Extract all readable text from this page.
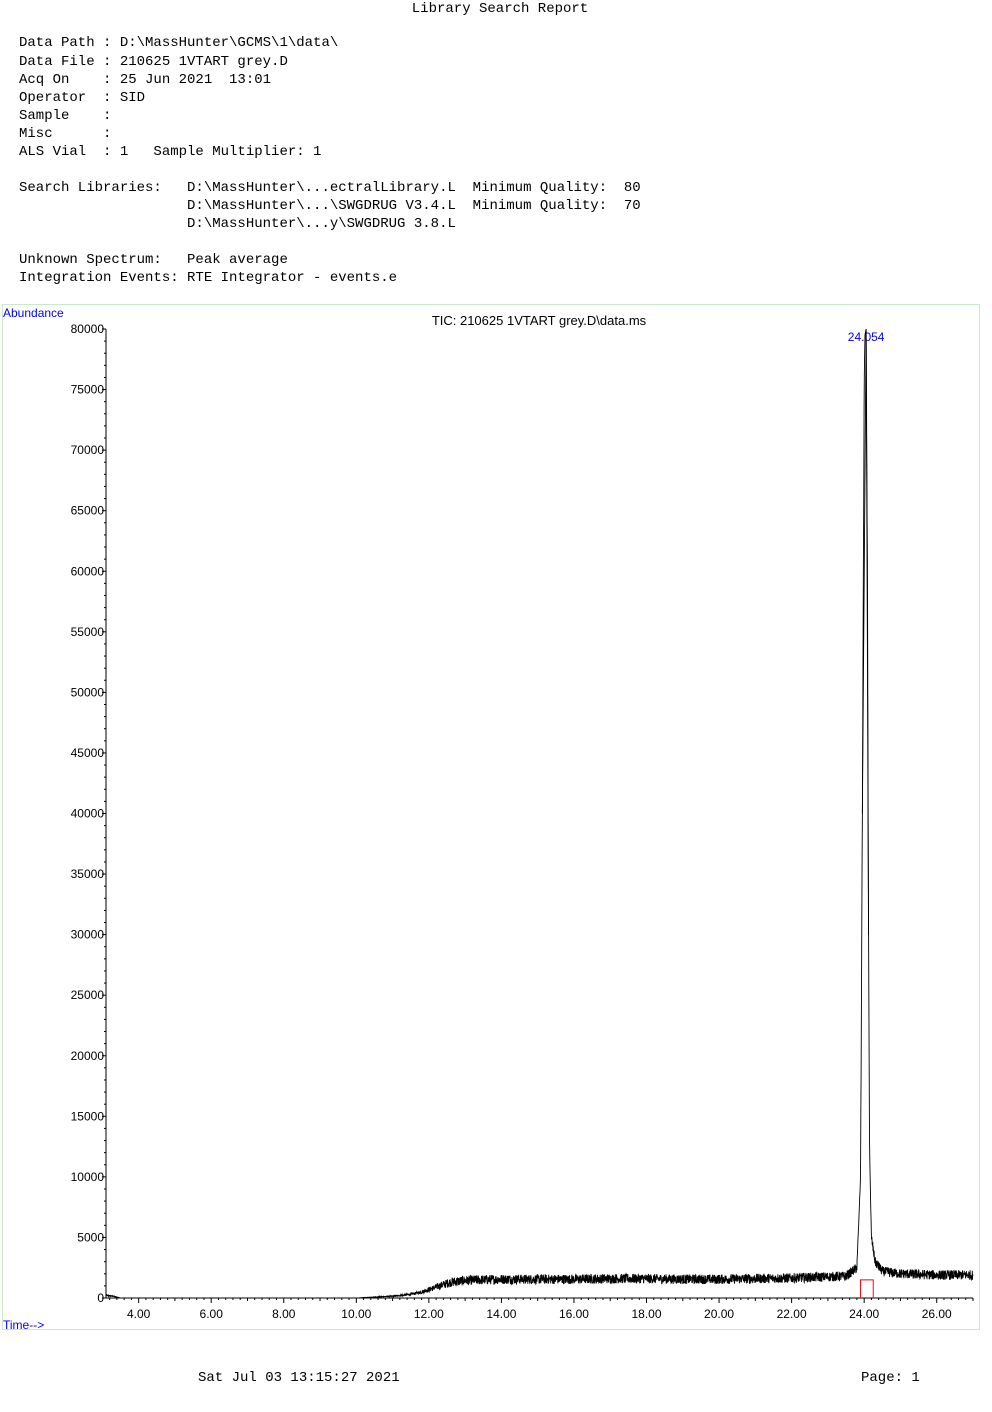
Library Search Report
Data Path : D:\MassHunter\GCMS\1\data\
Data File : 210625 1VTART grey.D
Acq On    : 25 Jun 2021  13:01
Operator  : SID
Sample    :
Misc      :
ALS Vial  : 1   Sample Multiplier: 1
Search Libraries:   D:\MassHunter\...ectralLibrary.L  Minimum Quality:  80
D:\MassHunter\...\SWGDRUG V3.4.L  Minimum Quality:  70
D:\MassHunter\...y\SWGDRUG 3.8.L
Unknown Spectrum:   Peak average
Integration Events: RTE Integrator - events.e
Abundance	TIC: 210625 1VTART grey.D\data.ms
Time-->
0
5000
10000
15000
20000
25000
30000
35000
40000
45000
50000
55000
60000
65000
70000
75000
80000
4.00	6.00	8.00	10.00	12.00	14.00	16.00	18.00	20.00	22.00	24.00	26.00
24.054
Sat Jul 03 13:15:27 2021	Page: 1
